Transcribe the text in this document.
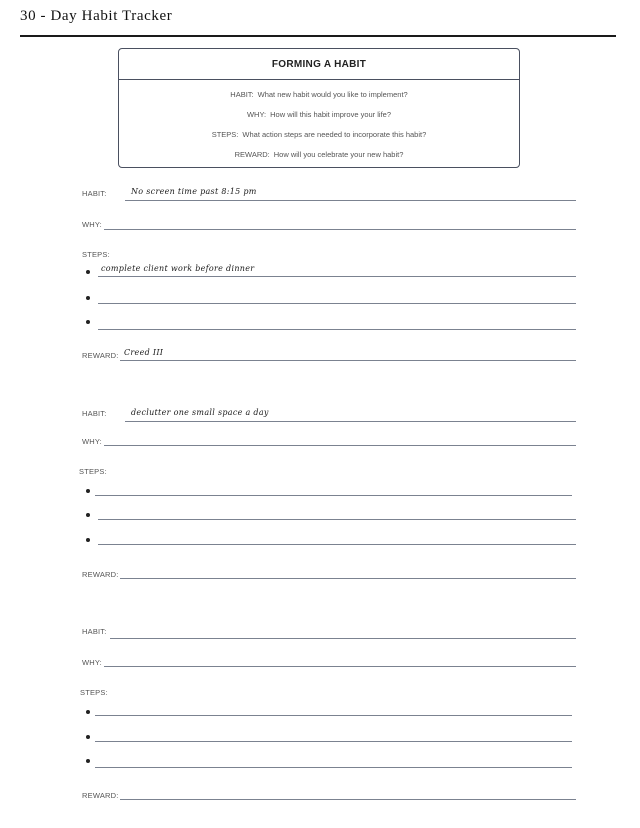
30 - Day Habit Tracker
FORMING A HABIT
HABIT: What new habit would you like to implement?
WHY: How will this habit improve your life?
STEPS: What action steps are needed to incorporate this habit?
REWARD: How will you celebrate your new habit?
HABIT:	No screen time past 8:15 pm
WHY:
STEPS:
complete client work before dinner
REWARD: Creed III
HABIT:	declutter one small space a day
WHY:
STEPS:
REWARD:
HABIT:
WHY:
STEPS:
REWARD:
